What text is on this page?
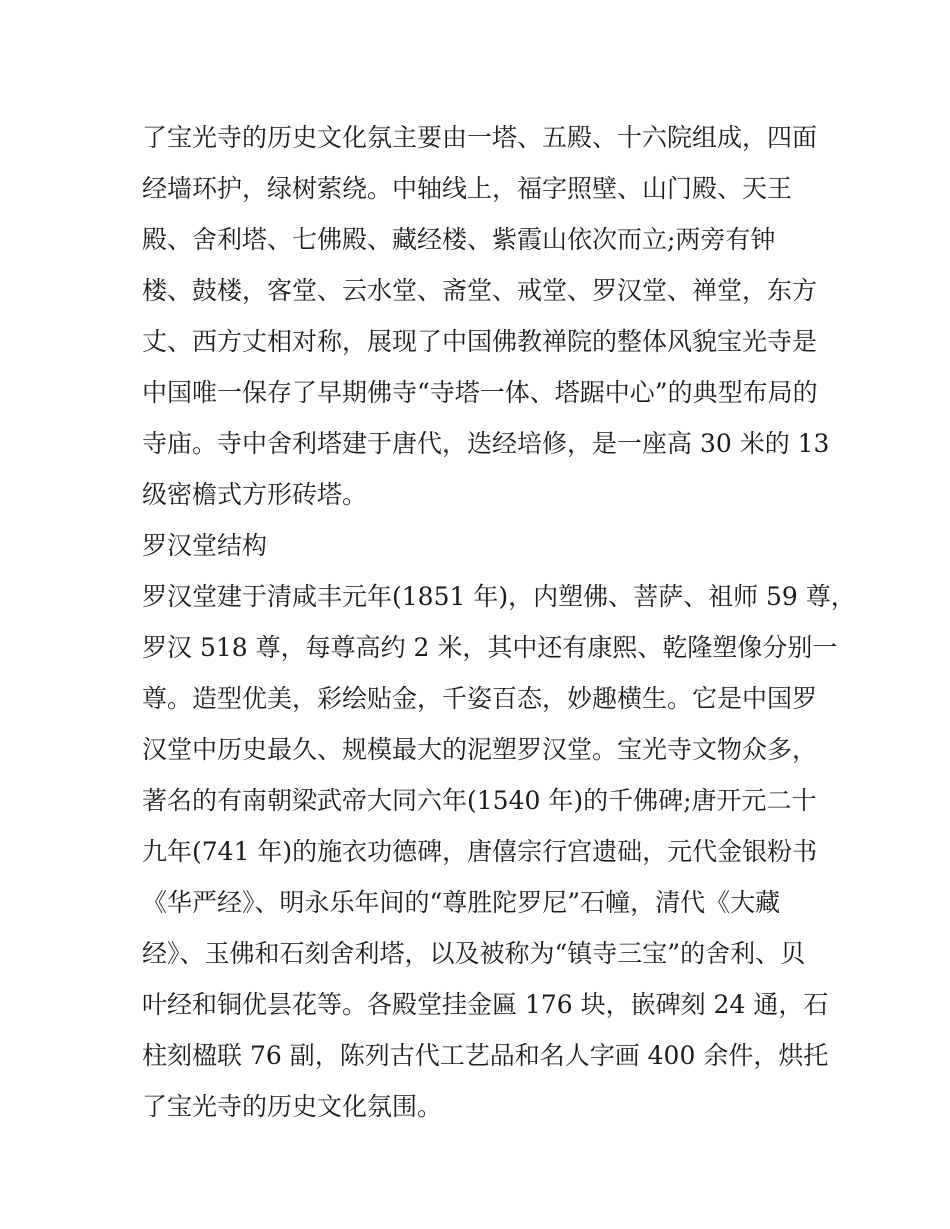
了宝光寺的历史文化氛主要由一塔、五殿、十六院组成，四面
经墙环护，绿树萦绕。中轴线上，福字照壁、山门殿、天王
殿、舍利塔、七佛殿、藏经楼、紫霞山依次而立;两旁有钟
楼、鼓楼，客堂、云水堂、斋堂、戒堂、罗汉堂、禅堂，东方
丈、西方丈相对称，展现了中国佛教禅院的整体风貌宝光寺是
中国唯一保存了早期佛寺“寺塔一体、塔踞中心”的典型布局的
寺庙。寺中舍利塔建于唐代，迭经培修，是一座高 30 米的 13
级密檐式方形砖塔。
罗汉堂结构
罗汉堂建于清咸丰元年(1851 年)，内塑佛、菩萨、祖师 59 尊，
罗汉 518 尊，每尊高约 2 米，其中还有康熙、乾隆塑像分别一
尊。造型优美，彩绘贴金，千姿百态，妙趣横生。它是中国罗
汉堂中历史最久、规模最大的泥塑罗汉堂。宝光寺文物众多，
著名的有南朝梁武帝大同六年(1540 年)的千佛碑;唐开元二十
九年(741 年)的施衣功德碑，唐僖宗行宫遗础，元代金银粉书
《华严经》、明永乐年间的“尊胜陀罗尼”石幢，清代《大藏
经》、玉佛和石刻舍利塔，以及被称为“镇寺三宝”的舍利、贝
叶经和铜优昙花等。各殿堂挂金匾 176 块，嵌碑刻 24 通，石
柱刻楹联 76 副，陈列古代工艺品和名人字画 400 余件，烘托
了宝光寺的历史文化氛围。
